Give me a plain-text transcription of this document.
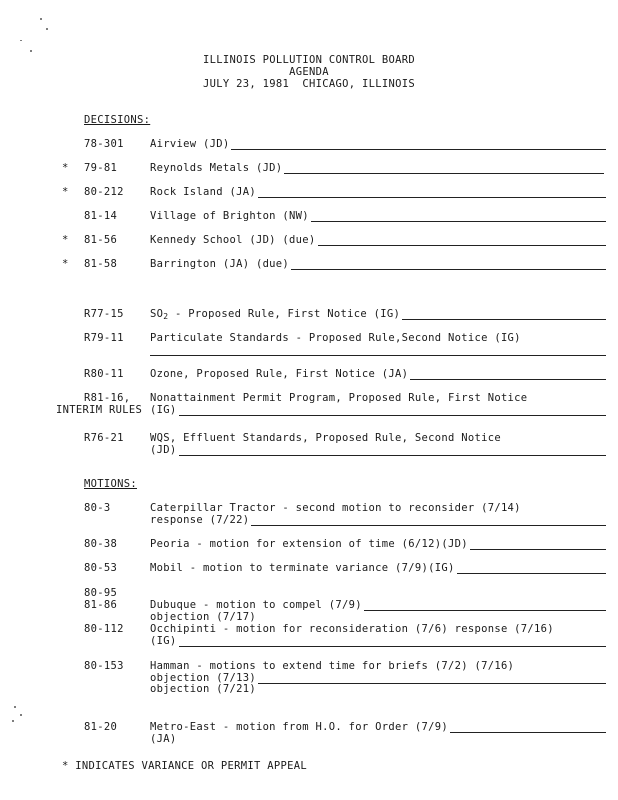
ILLINOIS POLLUTION CONTROL BOARD
AGENDA
JULY 23, 1981  CHICAGO, ILLINOIS
DECISIONS:
78-301	Airview (JD)
* 79-81	Reynolds Metals (JD)
* 80-212	Rock Island (JA)
81-14	Village of Brighton (NW)
* 81-56	Kennedy School (JD) (due)
* 81-58	Barrington (JA) (due)
R77-15	$SO_2$ - Proposed Rule, First Notice (IG)
R79-11	Particulate Standards - Proposed Rule,Second Notice (IG)
R80-11	Ozone, Proposed Rule, First Notice (JA)
R81-16, Nonattainment Permit Program, Proposed Rule, First Notice
INTERIM RULES (IG)
R76-21	WQS, Effluent Standards, Proposed Rule, Second Notice
(JD)
MOTIONS:
80-3	Caterpillar Tractor - second motion to reconsider (7/14)
response (7/22)
80-38	Peoria - motion for extension of time (6/12)(JD)
80-53	Mobil - motion to terminate variance (7/9)(IG)
80-95
81-86	Dubuque - motion to compel (7/9)
objection (7/17)
80-112	Occhipinti - motion for reconsideration (7/6) response (7/16)
(IG)
80-153	Hamman - motions to extend time for briefs (7/2) (7/16)
objection (7/13)
objection (7/21)
81-20	Metro-East - motion from H.O. for Order (7/9)
(JA)
* INDICATES VARIANCE OR PERMIT APPEAL
